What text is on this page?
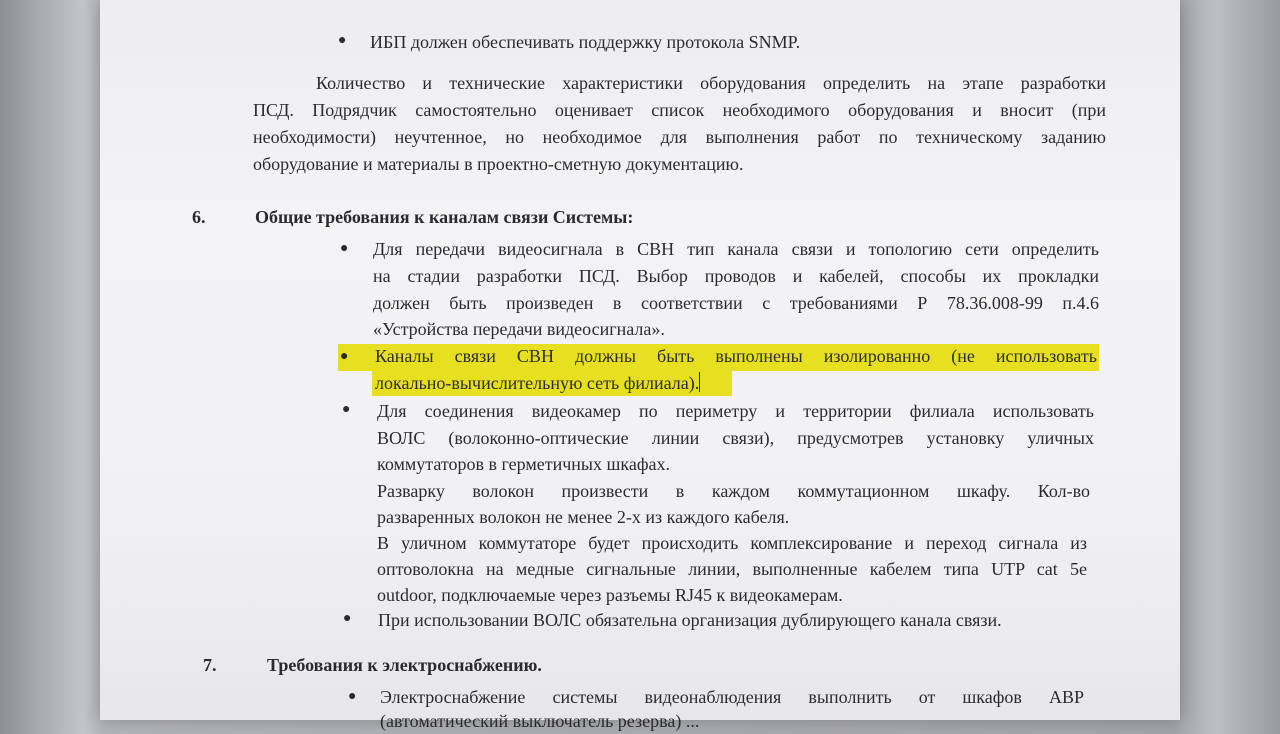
● ИБП должен обеспечивать поддержку протокола SNMP.
Количество и технические характеристики оборудования определить на этапе разработки
ПСД. Подрядчик самостоятельно оценивает список необходимого оборудования и вносит (при
необходимости) неучтенное, но необходимое для выполнения работ по техническому заданию
оборудование и материалы в проектно-сметную документацию.
6.	Общие требования к каналам связи Системы:
● Для передачи видеосигнала в СВН тип канала связи и топологию сети определить
на стадии разработки ПСД. Выбор проводов и кабелей, способы их прокладки
должен быть произведен в соответствии с требованиями Р 78.36.008-99 п.4.6
«Устройства передачи видеосигнала».
● Каналы связи СВН должны быть выполнены изолированно (не использовать
локально-вычислительную сеть филиала).
● Для соединения видеокамер по периметру и территории филиала использовать
ВОЛС (волоконно-оптические линии связи), предусмотрев установку уличных
коммутаторов в герметичных шкафах.
Разварку волокон произвести в каждом коммутационном шкафу. Кол-во
разваренных волокон не менее 2-х из каждого кабеля.
В уличном коммутаторе будет происходить комплексирование и переход сигнала из
оптоволокна на медные сигнальные линии, выполненные кабелем типа UTP cat 5e
outdoor, подключаемые через разъемы RJ45 к видеокамерам.
● При использовании ВОЛС обязательна организация дублирующего канала связи.
7.	Требования к электроснабжению.
● Электроснабжение системы видеонаблюдения выполнить от шкафов АВР
(автоматический выключатель резерва) ...
